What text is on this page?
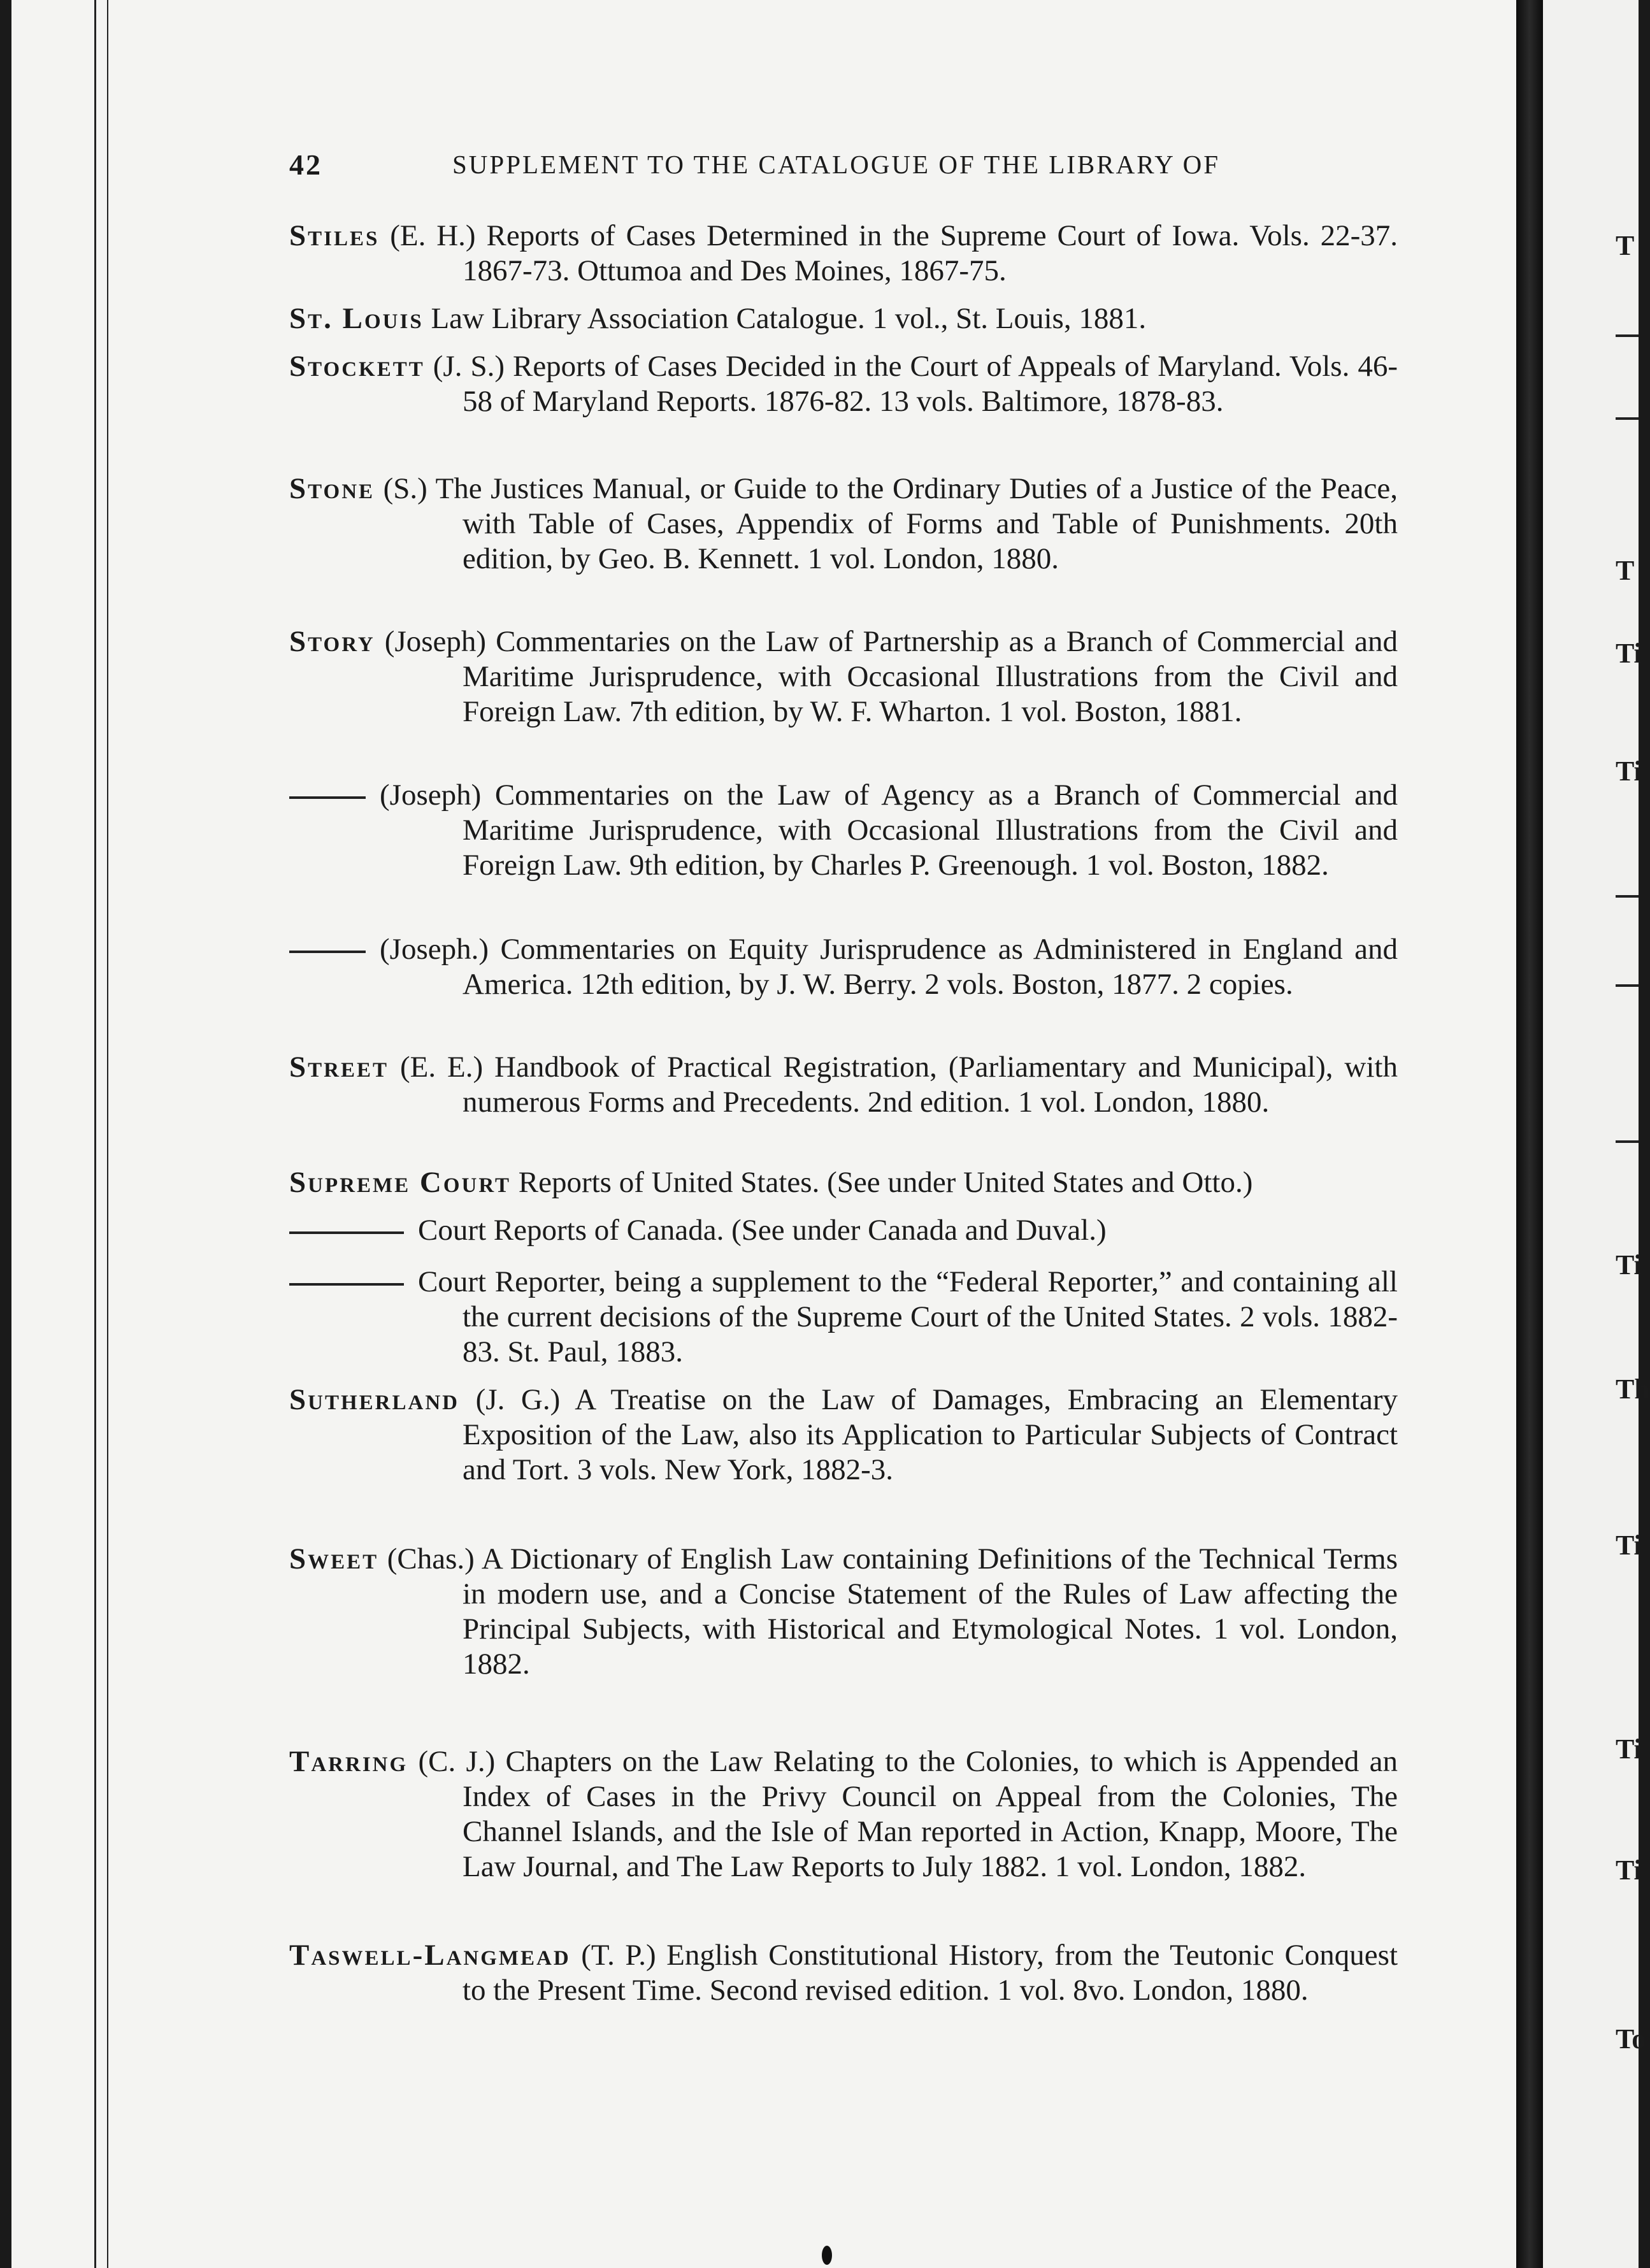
42	SUPPLEMENT TO THE CATALOGUE OF THE LIBRARY OF

Stiles (E. H.) Reports of Cases Determined in the Supreme Court of Iowa. Vols. 22-37. 1867-73. Ottumoa and Des Moines, 1867-75.

St. Louis Law Library Association Catalogue. 1 vol., St. Louis, 1881.

Stockett (J. S.) Reports of Cases Decided in the Court of Appeals of Maryland. Vols. 46-58 of Maryland Reports. 1876-82. 13 vols. Baltimore, 1878-83.

Stone (S.) The Justices Manual, or Guide to the Ordinary Duties of a Justice of the Peace, with Table of Cases, Appendix of Forms and Table of Punishments. 20th edition, by Geo. B. Kennett. 1 vol. London, 1880.

Story (Joseph) Commentaries on the Law of Partnership as a Branch of Commercial and Maritime Jurisprudence, with Occasional Illustrations from the Civil and Foreign Law. 7th edition, by W. F. Wharton. 1 vol. Boston, 1881.

(Joseph) Commentaries on the Law of Agency as a Branch of Commercial and Maritime Jurisprudence, with Occasional Illustrations from the Civil and Foreign Law. 9th edition, by Charles P. Greenough. 1 vol. Boston, 1882.

(Joseph.) Commentaries on Equity Jurisprudence as Administered in England and America. 12th edition, by J. W. Berry. 2 vols. Boston, 1877. 2 copies.

Street (E. E.) Handbook of Practical Registration, (Parliamentary and Municipal), with numerous Forms and Precedents. 2nd edition. 1 vol. London, 1880.

Supreme Court Reports of United States. (See under United States and Otto.)

Court Reports of Canada. (See under Canada and Duval.)

Court Reporter, being a supplement to the “Federal Reporter,” and containing all the current decisions of the Supreme Court of the United States. 2 vols. 1882-83. St. Paul, 1883.

Sutherland (J. G.) A Treatise on the Law of Damages, Embracing an Elementary Exposition of the Law, also its Application to Particular Subjects of Contract and Tort. 3 vols. New York, 1882-3.

Sweet (Chas.) A Dictionary of English Law containing Definitions of the Technical Terms in modern use, and a Concise Statement of the Rules of Law affecting the Principal Subjects, with Historical and Etymological Notes. 1 vol. London, 1882.

Tarring (C. J.) Chapters on the Law Relating to the Colonies, to which is Appended an Index of Cases in the Privy Council on Appeal from the Colonies, The Channel Islands, and the Isle of Man reported in Action, Knapp, Moore, The Law Journal, and The Law Reports to July 1882. 1 vol. London, 1882.

Taswell-Langmead (T. P.) English Constitutional History, from the Teutonic Conquest to the Present Time. Second revised edition. 1 vol. 8vo. London, 1880.

T
T
Ti
Ti
Ti
Th
Ti
Ti
Ti
To
